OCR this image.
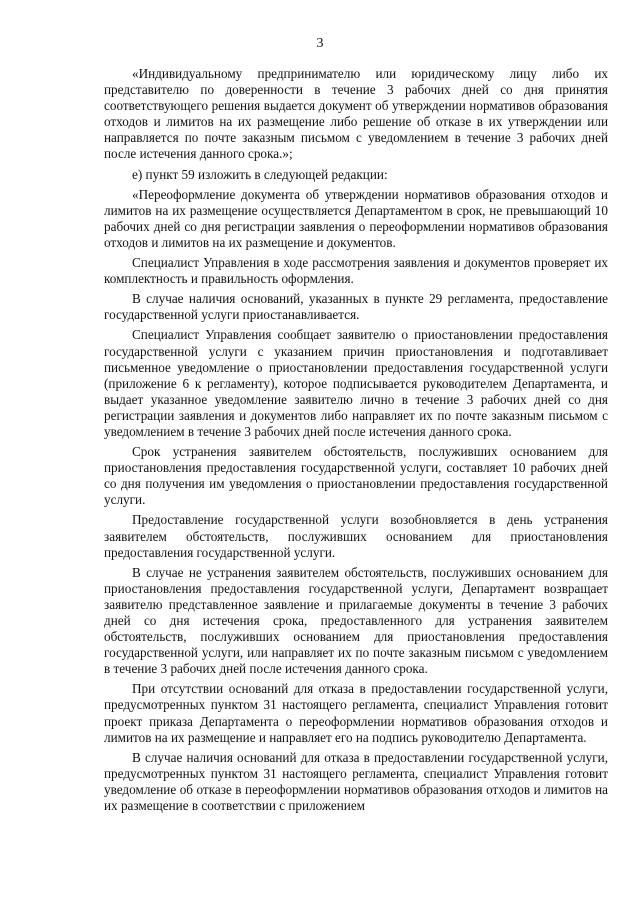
3

«Индивидуальному предпринимателю или юридическому лицу либо их представителю по доверенности в течение 3 рабочих дней со дня принятия соответствующего решения выдается документ об утверждении нормативов образования отходов и лимитов на их размещение либо решение об отказе в их утверждении или направляется по почте заказным письмом с уведомлением в течение 3 рабочих дней после истечения данного срока.»;

е) пункт 59 изложить в следующей редакции:

«Переоформление документа об утверждении нормативов образования отходов и лимитов на их размещение осуществляется Департаментом в срок, не превышающий 10 рабочих дней со дня регистрации заявления о переоформлении нормативов образования отходов и лимитов на их размещение и документов.

Специалист Управления в ходе рассмотрения заявления и документов проверяет их комплектность и правильность оформления.

В случае наличия оснований, указанных в пункте 29 регламента, предоставление государственной услуги приостанавливается.

Специалист Управления сообщает заявителю о приостановлении предоставления государственной услуги с указанием причин приостановления и подготавливает письменное уведомление о приостановлении предоставления государственной услуги (приложение 6 к регламенту), которое подписывается руководителем Департамента, и выдает указанное уведомление заявителю лично в течение 3 рабочих дней со дня регистрации заявления и документов либо направляет их по почте заказным письмом с уведомлением в течение 3 рабочих дней после истечения данного срока.

Срок устранения заявителем обстоятельств, послуживших основанием для приостановления предоставления государственной услуги, составляет 10 рабочих дней со дня получения им уведомления о приостановлении предоставления государственной услуги.

Предоставление государственной услуги возобновляется в день устранения заявителем обстоятельств, послуживших основанием для приостановления предоставления государственной услуги.

В случае не устранения заявителем обстоятельств, послуживших основанием для приостановления предоставления государственной услуги, Департамент возвращает заявителю представленное заявление и прилагаемые документы в течение 3 рабочих дней со дня истечения срока, предоставленного для устранения заявителем обстоятельств, послуживших основанием для приостановления предоставления государственной услуги, или направляет их по почте заказным письмом с уведомлением в течение 3 рабочих дней после истечения данного срока.

При отсутствии оснований для отказа в предоставлении государственной услуги, предусмотренных пунктом 31 настоящего регламента, специалист Управления готовит проект приказа Департамента о переоформлении нормативов образования отходов и лимитов на их размещение и направляет его на подпись руководителю Департамента.

В случае наличия оснований для отказа в предоставлении государственной услуги, предусмотренных пунктом 31 настоящего регламента, специалист Управления готовит уведомление об отказе в переоформлении нормативов образования отходов и лимитов на их размещение в соответствии с приложением
